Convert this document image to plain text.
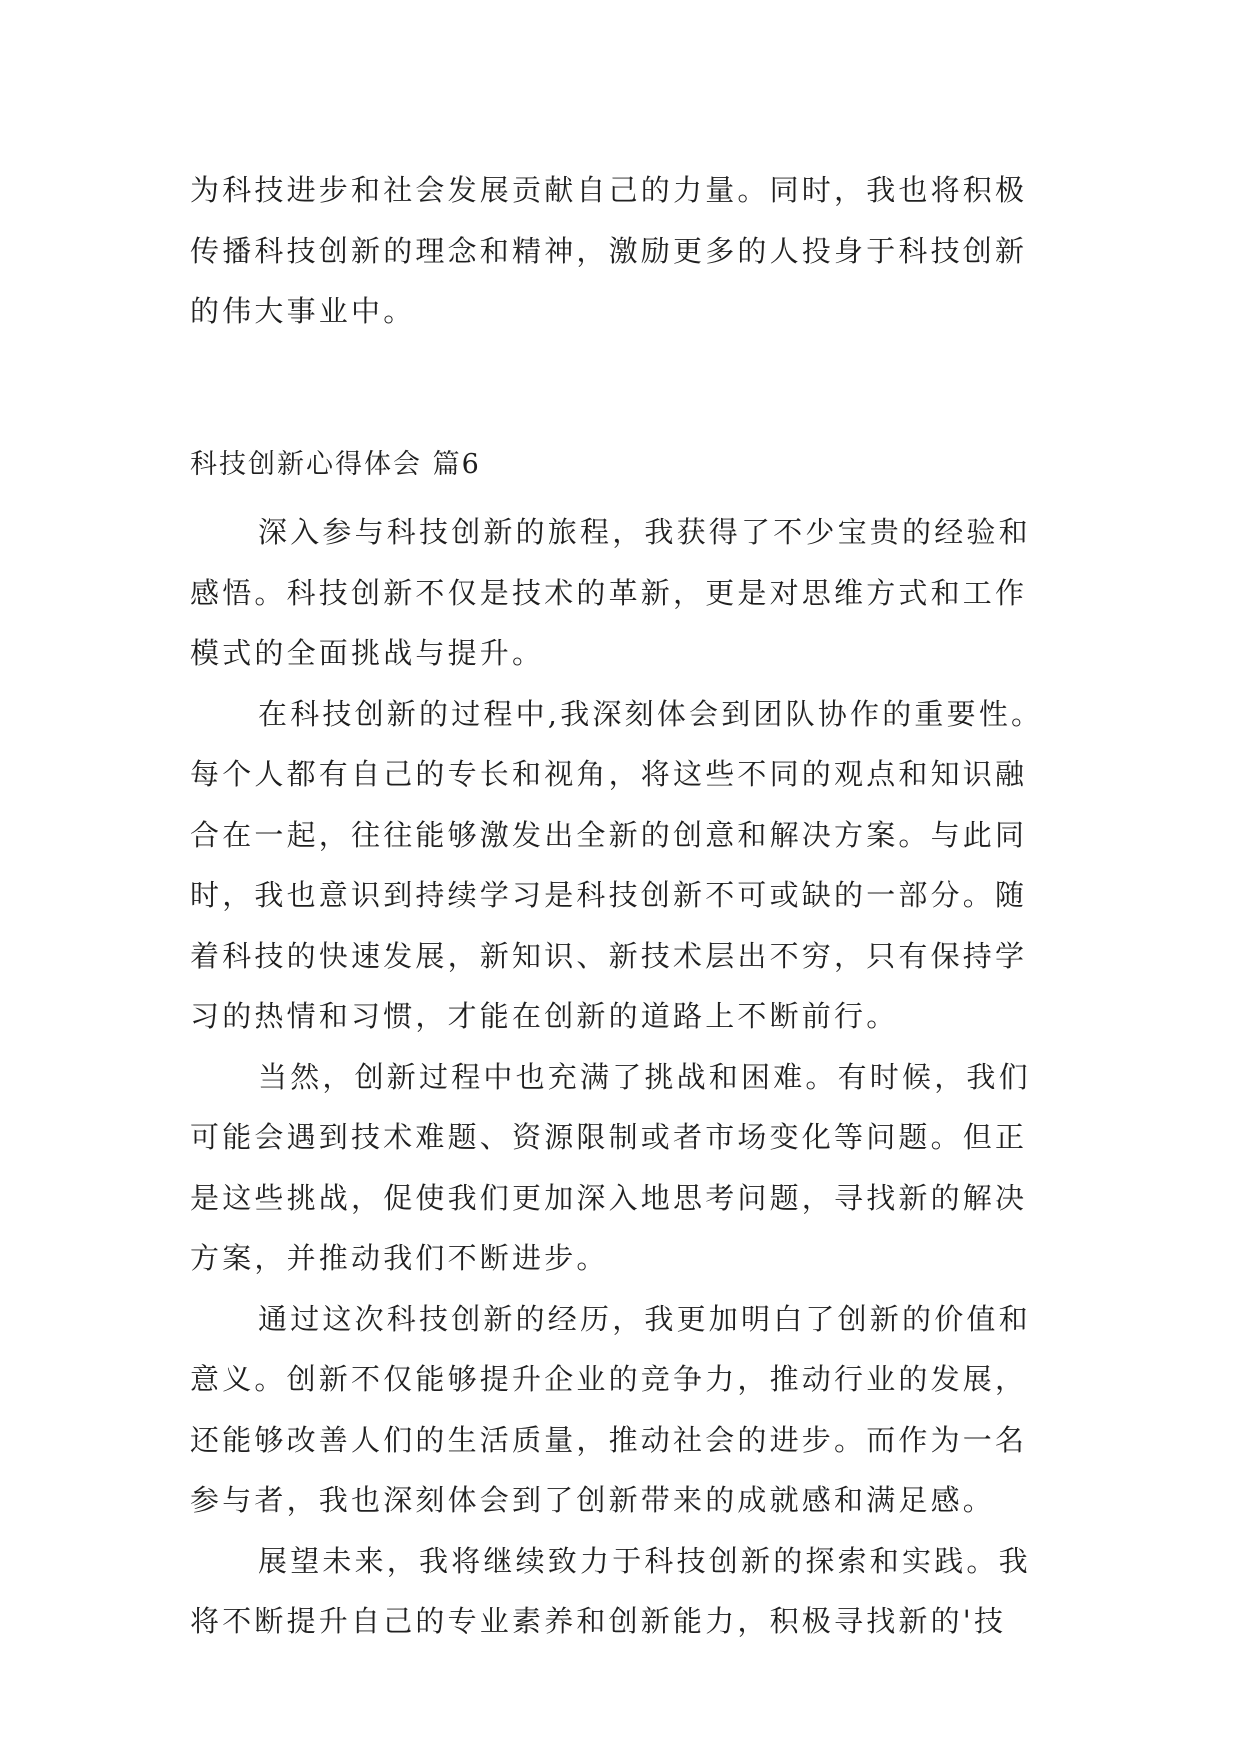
为科技进步和社会发展贡献自己的力量。同时，我也将积极
传播科技创新的理念和精神，激励更多的人投身于科技创新
的伟大事业中。
科技创新心得体会 篇6
深入参与科技创新的旅程，我获得了不少宝贵的经验和
感悟。科技创新不仅是技术的革新，更是对思维方式和工作
模式的全面挑战与提升。
在科技创新的过程中,我深刻体会到团队协作的重要性。
每个人都有自己的专长和视角，将这些不同的观点和知识融
合在一起，往往能够激发出全新的创意和解决方案。与此同
时，我也意识到持续学习是科技创新不可或缺的一部分。随
着科技的快速发展，新知识、新技术层出不穷，只有保持学
习的热情和习惯，才能在创新的道路上不断前行。
当然，创新过程中也充满了挑战和困难。有时候，我们
可能会遇到技术难题、资源限制或者市场变化等问题。但正
是这些挑战，促使我们更加深入地思考问题，寻找新的解决
方案，并推动我们不断进步。
通过这次科技创新的经历，我更加明白了创新的价值和
意义。创新不仅能够提升企业的竞争力，推动行业的发展，
还能够改善人们的生活质量，推动社会的进步。而作为一名
参与者，我也深刻体会到了创新带来的成就感和满足感。
展望未来，我将继续致力于科技创新的探索和实践。我
将不断提升自己的专业素养和创新能力，积极寻找新的'技
